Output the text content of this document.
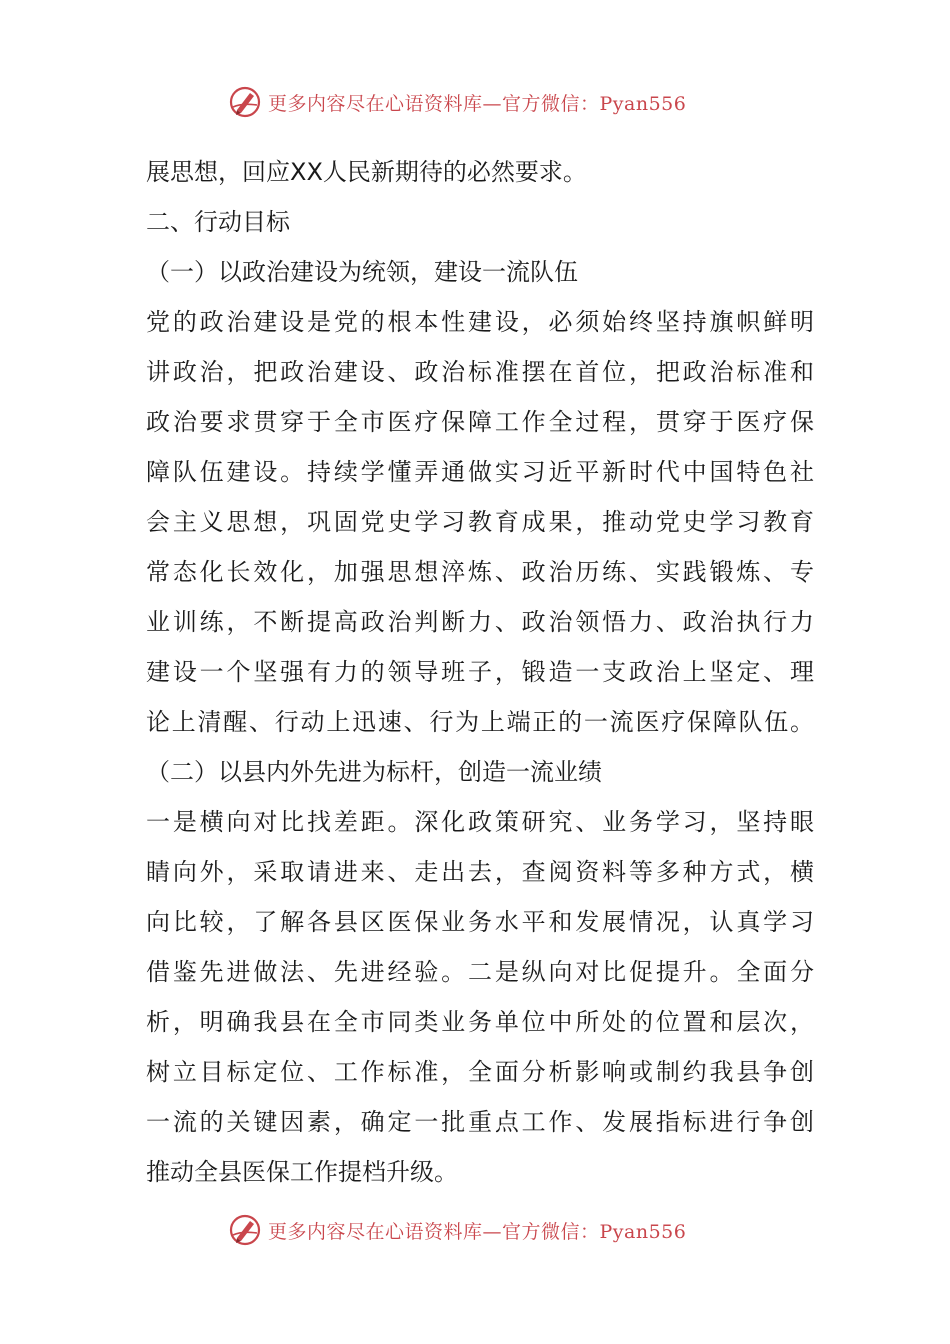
更多内容尽在心语资料库—官方微信：Pyan556
展思想，回应XX人民新期待的必然要求。
二、行动目标
（一）以政治建设为统领，建设一流队伍
党的政治建设是党的根本性建设，必须始终坚持旗帜鲜明
讲政治，把政治建设、政治标准摆在首位，把政治标准和
政治要求贯穿于全市医疗保障工作全过程，贯穿于医疗保
障队伍建设。持续学懂弄通做实习近平新时代中国特色社
会主义思想，巩固党史学习教育成果，推动党史学习教育
常态化长效化，加强思想淬炼、政治历练、实践锻炼、专
业训练，不断提高政治判断力、政治领悟力、政治执行力
建设一个坚强有力的领导班子，锻造一支政治上坚定、理
论上清醒、行动上迅速、行为上端正的一流医疗保障队伍。
（二）以县内外先进为标杆，创造一流业绩
一是横向对比找差距。深化政策研究、业务学习，坚持眼
睛向外，采取请进来、走出去，查阅资料等多种方式，横
向比较，了解各县区医保业务水平和发展情况，认真学习
借鉴先进做法、先进经验。二是纵向对比促提升。全面分
析，明确我县在全市同类业务单位中所处的位置和层次，
树立目标定位、工作标准，全面分析影响或制约我县争创
一流的关键因素，确定一批重点工作、发展指标进行争创
推动全县医保工作提档升级。
更多内容尽在心语资料库—官方微信：Pyan556
